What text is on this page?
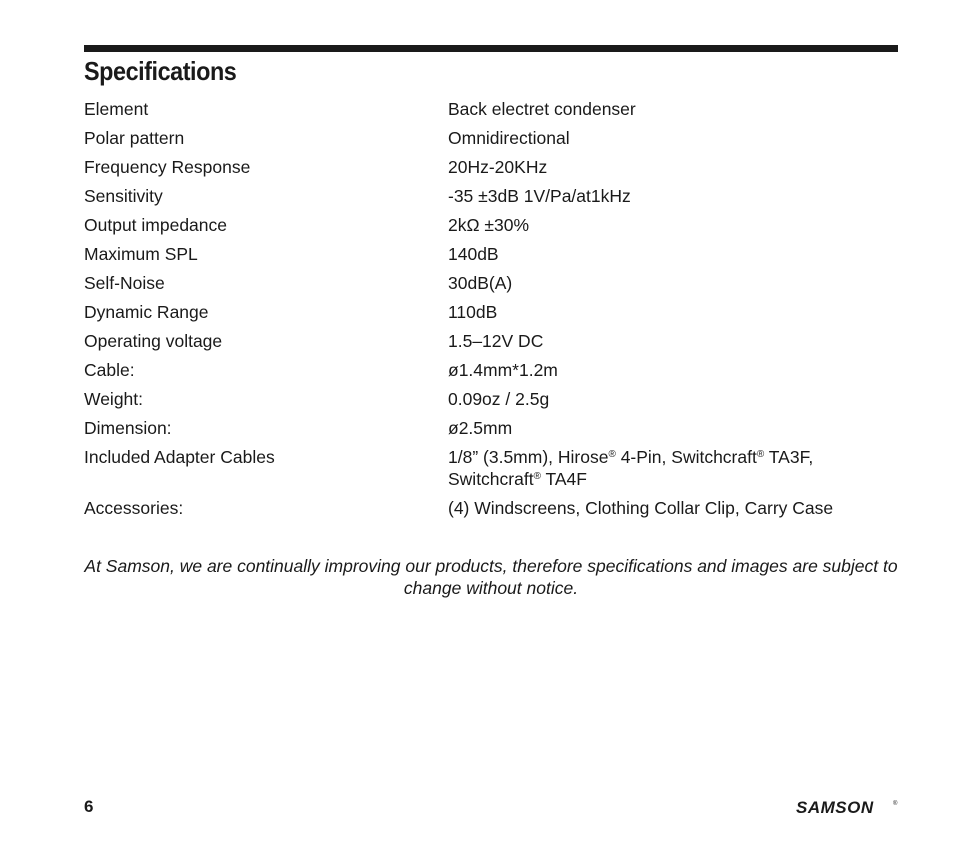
Specifications
Element	Back electret condenser
Polar pattern	Omnidirectional
Frequency Response	20Hz-20KHz
Sensitivity	-35 ±3dB 1V/Pa/at1kHz
Output impedance	2kΩ ±30%
Maximum SPL	140dB
Self-Noise	30dB(A)
Dynamic Range	110dB
Operating voltage	1.5–12V DC
Cable:	ø1.4mm*1.2m
Weight:	0.09oz / 2.5g
Dimension:	ø2.5mm
Included Adapter Cables	1/8” (3.5mm), Hirose® 4-Pin, Switchcraft® TA3F,
Switchcraft® TA4F
Accessories:	(4) Windscreens, Clothing Collar Clip, Carry Case
At Samson, we are continually improving our products, therefore specifications and images are subject to change without notice.
6	SAMSON	®
